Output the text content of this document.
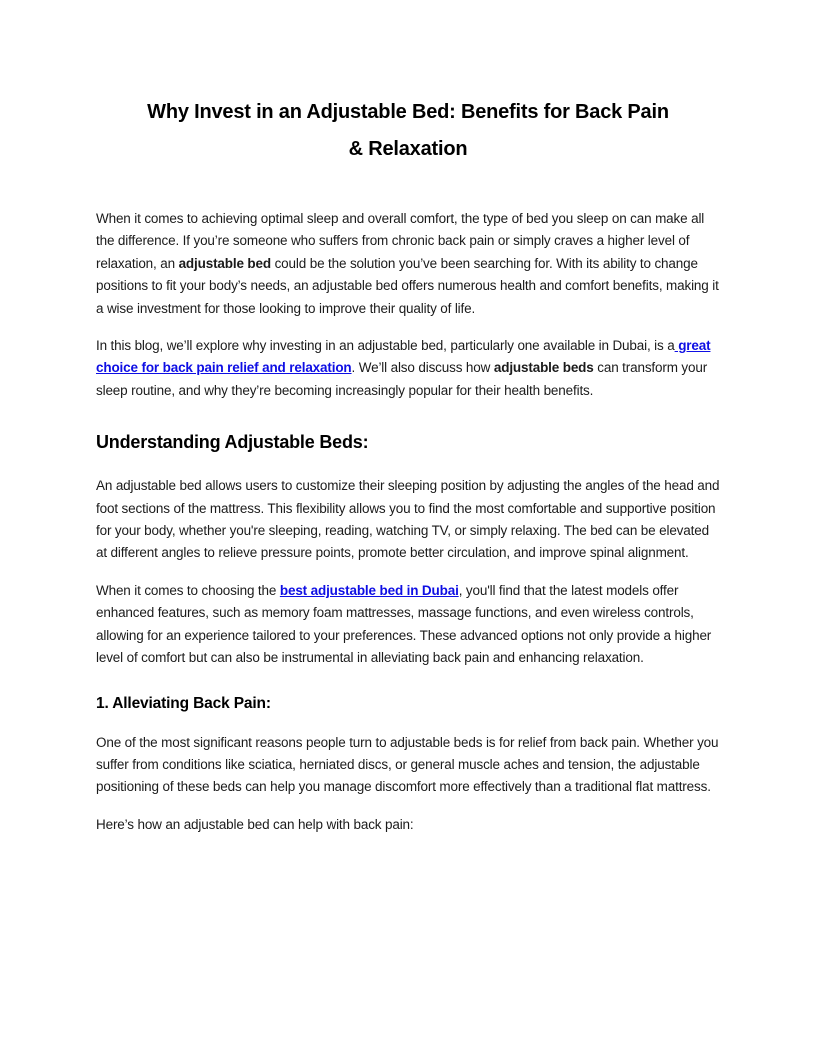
Why Invest in an Adjustable Bed: Benefits for Back Pain
& Relaxation

When it comes to achieving optimal sleep and overall comfort, the type of bed you sleep on can make all the difference. If you’re someone who suffers from chronic back pain or simply craves a higher level of relaxation, an adjustable bed could be the solution you’ve been searching for. With its ability to change positions to fit your body’s needs, an adjustable bed offers numerous health and comfort benefits, making it a wise investment for those looking to improve their quality of life.

In this blog, we’ll explore why investing in an adjustable bed, particularly one available in Dubai, is a great choice for back pain relief and relaxation. We’ll also discuss how adjustable beds can transform your sleep routine, and why they’re becoming increasingly popular for their health benefits.

Understanding Adjustable Beds:

An adjustable bed allows users to customize their sleeping position by adjusting the angles of the head and foot sections of the mattress. This flexibility allows you to find the most comfortable and supportive position for your body, whether you're sleeping, reading, watching TV, or simply relaxing. The bed can be elevated at different angles to relieve pressure points, promote better circulation, and improve spinal alignment.

When it comes to choosing the best adjustable bed in Dubai, you'll find that the latest models offer enhanced features, such as memory foam mattresses, massage functions, and even wireless controls, allowing for an experience tailored to your preferences. These advanced options not only provide a higher level of comfort but can also be instrumental in alleviating back pain and enhancing relaxation.

1. Alleviating Back Pain:

One of the most significant reasons people turn to adjustable beds is for relief from back pain. Whether you suffer from conditions like sciatica, herniated discs, or general muscle aches and tension, the adjustable positioning of these beds can help you manage discomfort more effectively than a traditional flat mattress.

Here’s how an adjustable bed can help with back pain:
